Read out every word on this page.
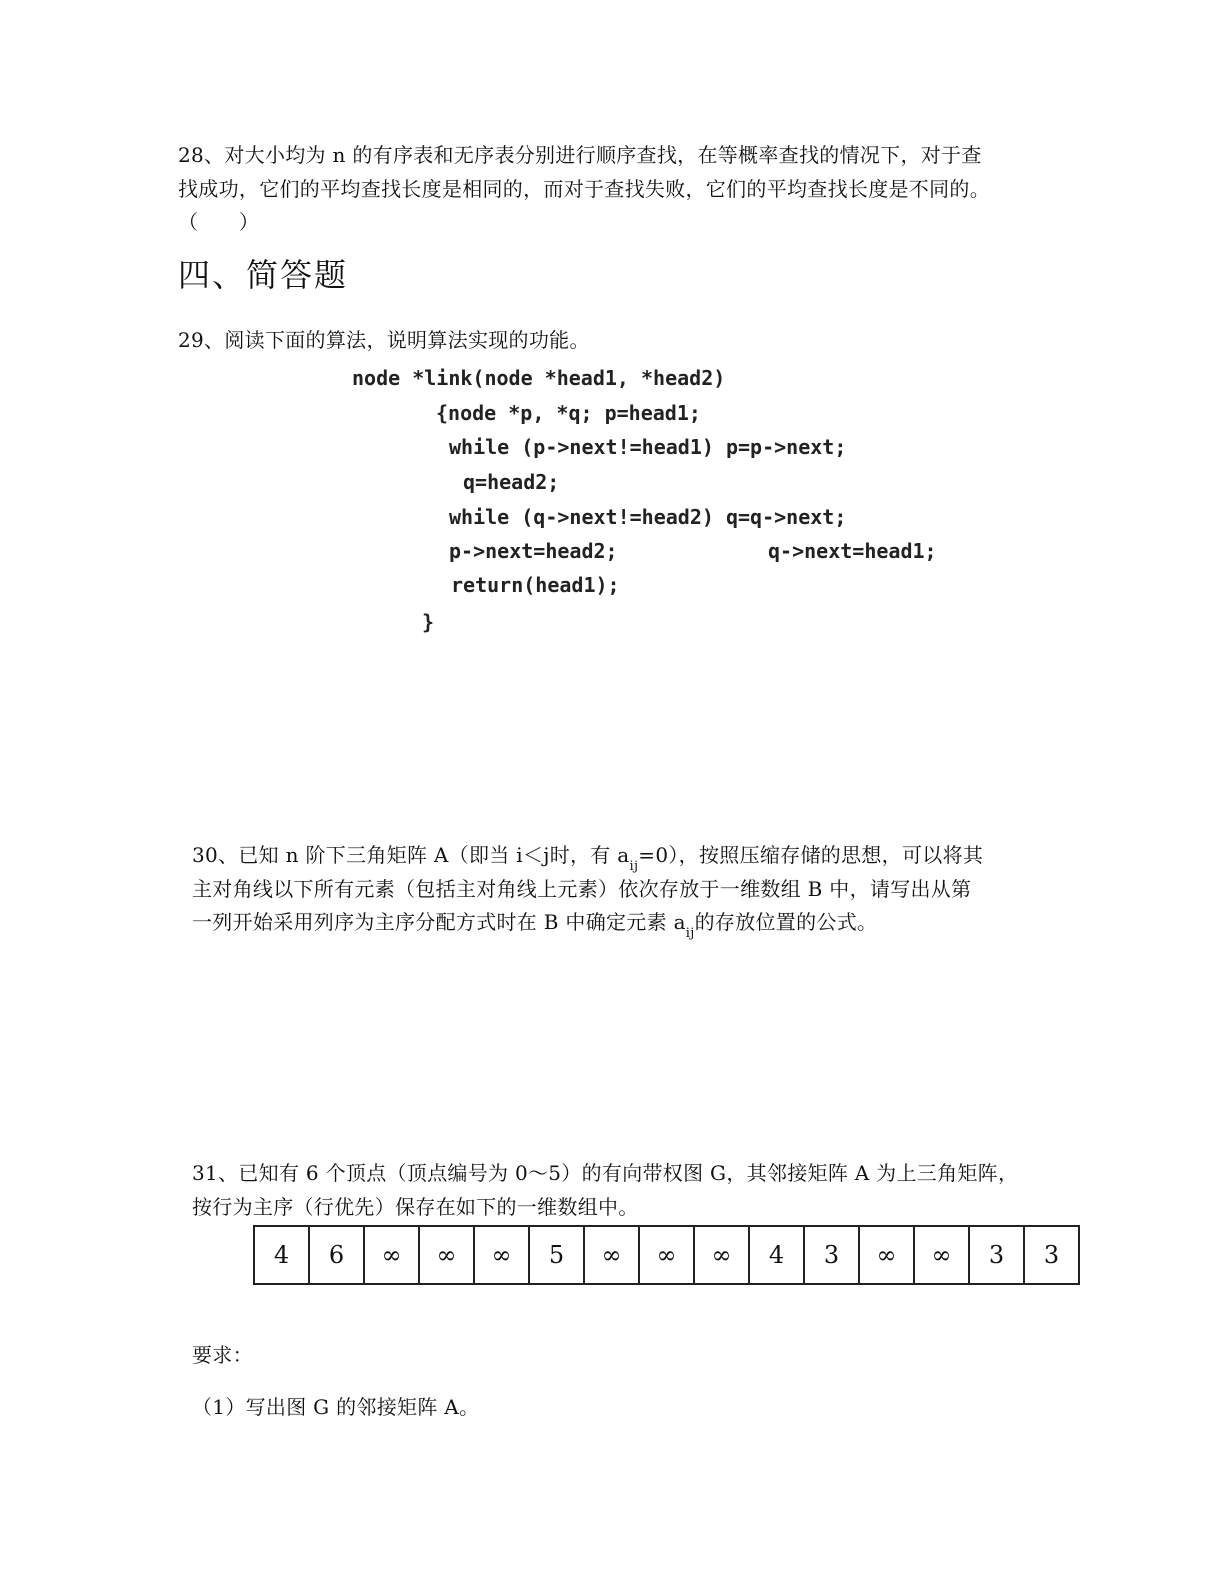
28、对大小均为 n 的有序表和无序表分别进行顺序查找，在等概率查找的情况下，对于查
找成功，它们的平均查找长度是相同的，而对于查找失败，它们的平均查找长度是不同的。
（　　）
四、简答题
29、阅读下面的算法，说明算法实现的功能。
node *link(node *head1, *head2)
{node *p, *q; p=head1;
while (p->next!=head1) p=p->next;
q=head2;
while (q->next!=head2) q=q->next;
p->next=head2;	q->next=head1;
return(head1);
}
30、已知 n 阶下三角矩阵 A（即当 i＜j时，有 $a_{ij}=0$），按照压缩存储的思想，可以将其
主对角线以下所有元素（包括主对角线上元素）依次存放于一维数组 B 中，请写出从第
一列开始采用列序为主序分配方式时在 B 中确定元素 $a_{ij}$的存放位置的公式。
31、已知有 6 个顶点（顶点编号为 0～5）的有向带权图 G，其邻接矩阵 A 为上三角矩阵，
按行为主序（行优先）保存在如下的一维数组中。
4	6	∞	∞	∞	5	∞	∞	∞	4	3	∞	∞	3	3
要求：
（1）写出图 G 的邻接矩阵 A。
